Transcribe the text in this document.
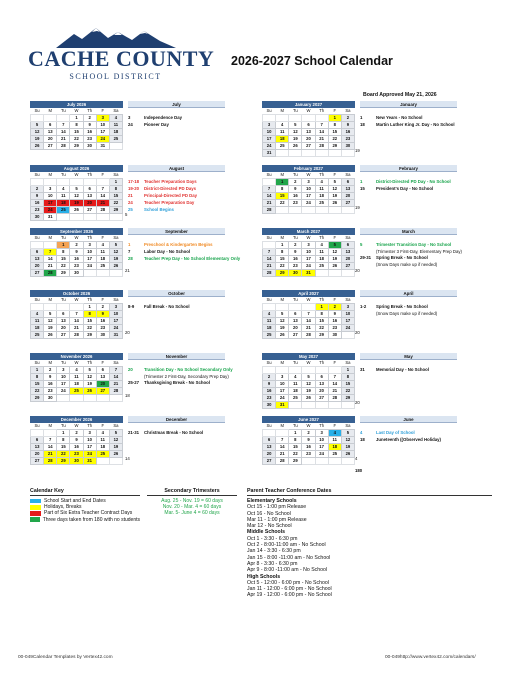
CACHE COUNTY
SCHOOL DISTRICT
2026-2027 School Calendar
Board Approved May 21, 2026
July 2026
Su	M	Tu	W	Th	F	Sa
			1	2	3	4
5	6	7	8	9	10	11
12	13	14	15	16	17	18
19	20	21	22	23	24	25
26	27	28	29	30	31	
July
3	Independence Day
24	Pioneer Day
August 2026
Su	M	Tu	W	Th	F	Sa
						1
2	3	4	5	6	7	8
9	10	11	12	13	14	15
16	17	18	19	20	21	22
23	24	25	26	27	28	29
30	31						5
August
17-18 Teacher Preparation Days
19-20 District-Directed PD Days
21	Principal-Directed PD Day
24	Teacher Preparation Day
25	School Begins
September 2026
Su	M	Tu	W	Th	F	Sa
		1	2	3	4	5
6	7	8	9	10	11	12
13	14	15	16	17	18	19
20	21	22	23	24	25	26
27	28	29	30				21
September
1	Preschool & Kindergarten Begins
7	Labor Day - No School
28	Teacher Prep Day - No School Elementary Only
October 2026
Su	M	Tu	W	Th	F	Sa
				1	2	3
4	5	6	7	8	9	10
11	12	13	14	15	16	17
18	19	20	21	22	23	24
25	26	27	28	29	30	31 20
October
8-9 Fall Break - No School
November 2026
Su	M	Tu	W	Th	F	Sa
1	2	3	4	5	6	7
8	9	10	11	12	13	14
15	16	17	18	19	20	21
22	23	24	25	26	27	28
29	30						18
November
20	Transition Day - No School Secondary Only
(Trimester 2 First-Day, Secondary Prep Day)
25-27 Thanksgiving Break - No School
December 2026
Su	M	Tu	W	Th	F	Sa
		1	2	3	4	5
6	7	8	9	10	11	12
13	14	15	16	17	18	19
20	21	22	23	24	25	26
27	28	29	30	31			14
December
21-31 Christmas Break - No School
January 2027
Su	M	Tu	W	Th	F	Sa
					1	2
3	4	5	6	7	8	9
10	11	12	13	14	15	16
17	18	19	20	21	22	23
24	25	26	27	28	29	30
31							19
January
1	New Years - No School
18	Martin Luther King Jr. Day - No School
February 2027
Su	M	Tu	W	Th	F	Sa
	1	2	3	4	5	6
7	8	9	10	11	12	13
14	15	16	17	18	19	20
21	22	23	24	25	26	27
28							19
February
1	District-Directed PD Day - No School
15	President's Day - No School
March 2027
Su	M	Tu	W	Th	F	Sa
	1	2	3	4	5	6
7	8	9	10	11	12	13
14	15	16	17	18	19	20
21	22	23	24	25	26	27
28	29	30	31				20
March
5	Trimester Transition Day - No School
(Trimester 3 First-Day, Elementary Prep Day)
29-31 Spring Break - No School
(Snow Days make up if needed)
April 2027
Su	M	Tu	W	Th	F	Sa
				1	2	3
4	5	6	7	8	9	10
11	12	13	14	15	16	17
18	19	20	21	22	23	24
25	26	27	28	29	30		20
April
1-2 Spring Break - No School
(Snow Days make up if needed)
May 2027
Su	M	Tu	W	Th	F	Sa
						1
2	3	4	5	6	7	8
9	10	11	12	13	14	15
16	17	18	19	20	21	22
23	24	25	26	27	28	29
30	31						20
May
31	Memorial Day - No School
June 2027
Su	M	Tu	W	Th	F	Sa
		1	2	3	4	5
6	7	8	9	10	11	12
13	14	15	16	17	18	19
20	21	22	23	24	25	26
27	28	29					4
June
4	Last Day of School
18	Juneteenth ((Observed Holiday)
180
Calendar Key
School Start and End Dates
Holidays, Breaks
Part of Six Extra Teacher Contract Days
Three days taken from 180 with no students
Secondary Trimesters
Aug. 25 - Nov. 19 = 60 days
Nov. 20 - Mar. 4 = 60 days
Mar. 5- June 4 = 60 days
Parent Teacher Conference Dates
Elementary Schools
Oct 15 - 1:00 pm Release
Oct 16 - No School
Mar 11 - 1:00 pm Release
Mar 12 - No School
Middle Schools
Oct 1 - 3:30 - 6:30 pm
Oct 2 - 8:00-11:00 am - No School
Jan 14 - 3:30 - 6:30 pm
Jan 15 - 8:00 -11:00 am - No School
Apr 8 - 3:30 - 6:30 pm
Apr 9 - 8:00 -11:00 am - No School
High Schools
Oct 5 - 12:00 - 6:00 pm - No School
Jan 11 - 12:00 - 6:00 pm - No School
Apr 19 - 12:00 - 6:00 pm - No School
00-049Calendar Templates by Vertex42.com	00-049http://www.vertex42.com/calendars/
